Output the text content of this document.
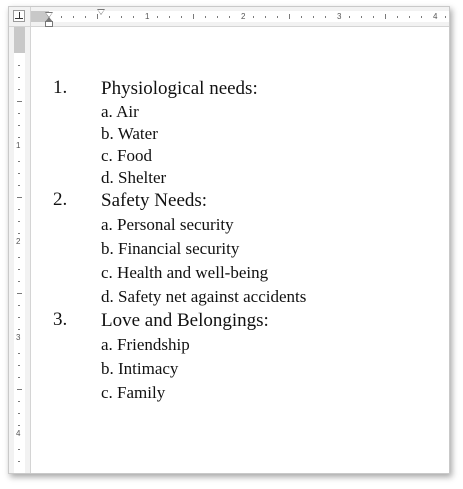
1	2	3	4
1
2
3
4
1.	Physiological needs:
a. Air
b. Water
c. Food
d. Shelter
2.	Safety Needs:
a. Personal security
b. Financial security
c. Health and well-being
d. Safety net against accidents
3.	Love and Belongings:
a. Friendship
b. Intimacy
c. Family
